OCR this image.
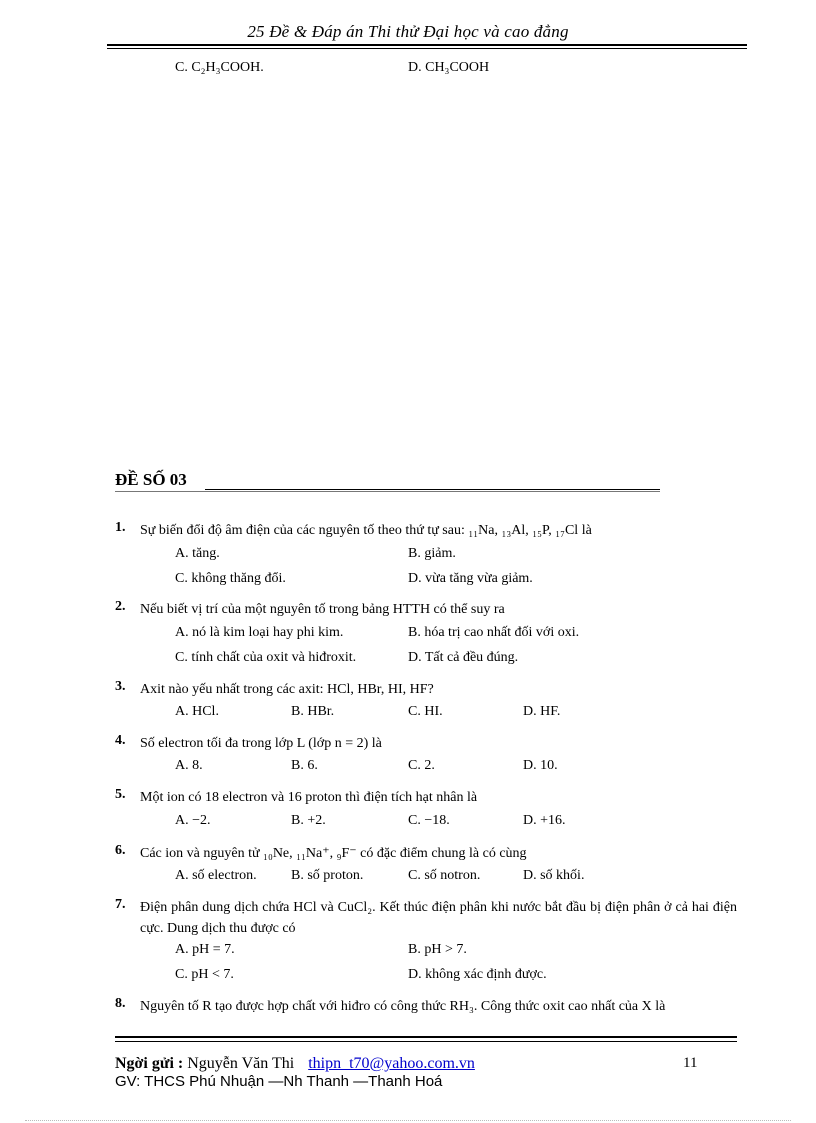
25 Đề & Đáp án Thi thử Đại học và cao đẳng
C. C₂H₃COOH.	D. CH₃COOH
ĐỀ SỐ 03
1. Sự biến đổi độ âm điện của các nguyên tố theo thứ tự sau: ₁₁Na, ₁₃Al, ₁₅P, ₁₇Cl là
A. tăng.	B. giảm.
C. không thăng đổi.	D. vừa tăng vừa giảm.
2. Nếu biết vị trí của một nguyên tố trong bảng HTTH có thể suy ra
A. nó là kim loại hay phi kim.	B. hóa trị cao nhất đối với oxi.
C. tính chất của oxit và hiđroxit.	D. Tất cả đều đúng.
3. Axit nào yếu nhất trong các axit: HCl, HBr, HI, HF?
A. HCl.	B. HBr.	C. HI.	D. HF.
4. Số electron tối đa trong lớp L (lớp n = 2) là
A. 8.	B. 6.	C. 2.	D. 10.
5. Một ion có 18 electron và 16 proton thì điện tích hạt nhân là
A. −2.	B. +2.	C. −18.	D. +16.
6. Các ion và nguyên tử ₁₀Ne, ₁₁Na⁺, ₉F⁻ có đặc điểm chung là có cùng
A. số electron. B. số proton.	C. số notron.	D. số khối.
7. Điện phân dung dịch chứa HCl và CuCl₂. Kết thúc điện phân khi nước bắt đầu bị điện phân ở cả hai điện cực. Dung dịch thu được có
A. pH = 7.	B. pH > 7.
C. pH < 7.	D. không xác định được.
8. Nguyên tố R tạo được hợp chất với hiđro có công thức RH₃. Công thức oxit cao nhất của X là
Ngời gửi : Nguyễn Văn Thi thipn_t70@yahoo.com.vn	11
GV: THCS Phú Nhuận —Nh Thanh —Thanh Hoá
